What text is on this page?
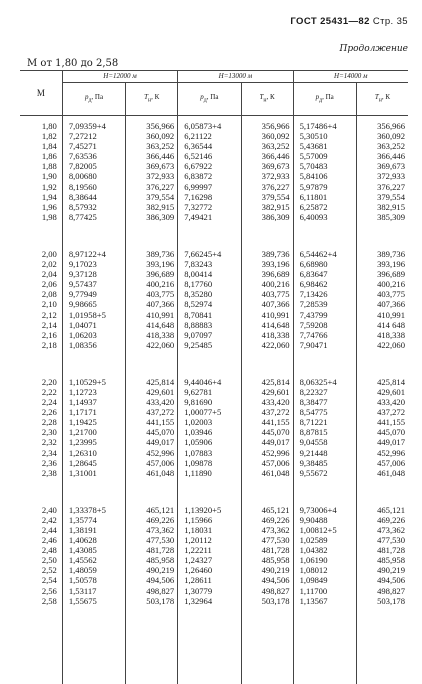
ГОСТ 25431—82 Стр. 35
Продолжение
M от 1,80 до 2,58
M	H=12000 м		H=13000 м		H=14000 м	
	$p_д$, Па	$T_н$, К	$p_д$, Па	$T_н$, К	$p_д$, Па	$T_н$, К

1,80	7,09359+4	356,966	6,05873+4	356,966	5,17486+4	356,966
1,82	7,27212	360,092	6,21122	360,092	5,30510	360,092
1,84	7,45271	363,252	6,36544	363,252	5,43681	363,252
1,86	7,63536	366,446	6,52146	366,446	5,57009	366,446
1,88	7,82005	369,673	6,67922	369,673	5,70483	369,673
1,90	8,00680	372,933	6,83872	372,933	5,84106	372,933
1,92	8,19560	376,227	6,99997	376,227	5,97879	376,227
1,94	8,38644	379,554	7,16298	379,554	6,11801	379,554
1,96	8,57932	382,915	7,32772	382,915	6,25872	382,915
1,98	8,77425	386,309	7,49421	386,309	6,40093	385,309

2,00	8,97122+4	389,736	7,66245+4	389,736	6,54462+4	389,736
2,02	9,17023	393,196	7,83243	393,196	6,68980	393,196
2,04	9,37128	396,689	8,00414	396,689	6,83647	396,689
2,06	9,57437	400,216	8,17760	400,216	6,98462	400,216
2,08	9,77949	403,775	8,35280	403,775	7,13426	403,775
2,10	9,98665	407,366	8,52974	407,366	7,28539	407,366
2,12	1,01958+5	410,991	8,70841	410,991	7,43799	410,991
2,14	1,04071	414,648	8,88883	414,648	7,59208	414 648
2,16	1,06203	418,338	9,07097	418,338	7,74766	418,338
2,18	1,08356	422,060	9,25485	422,060	7,90471	422,060

2,20	1,10529+5	425,814	9,44046+4	425,814	8,06325+4	425,814
2,22	1,12723	429,601	9,62781	429,601	8,22327	429,601
2,24	1,14937	433,420	9,81690	433,420	8,38477	433,420
2,26	1,17171	437,272	1,00077+5	437,272	8,54775	437,272
2,28	1,19425	441,155	1,02003	441,155	8,71221	441,155
2,30	1,21700	445,070	1,03946	445,070	8,87815	445,070
2,32	1,23995	449,017	1,05906	449,017	9,04558	449,017
2,34	1,26310	452,996	1,07883	452,996	9,21448	452,996
2,36	1,28645	457,006	1,09878	457,006	9,38485	457,006
2,38	1,31001	461,048	1,11890	461,048	9,55672	461,048

2,40	1,33378+5	465,121	1,13920+5	465,121	9,73006+4	465,121
2,42	1,35774	469,226	1,15966	469,226	9,90488	469,226
2,44	1,38191	473,362	1,18031	473,362	1,00812+5	473,362
2,46	1,40628	477,530	1,20112	477,530	1,02589	477,530
2,48	1,43085	481,728	1,22211	481,728	1,04382	481,728
2,50	1,45562	485,958	1,24327	485,958	1,06190	485,958
2,52	1,48059	490,219	1,26460	490,219	1,08012	490,219
2,54	1,50578	494,506	1,28611	494,506	1,09849	494,506
2,56	1,53117	498,827	1,30779	498,827	1,11700	498,827
2,58	1,55675	503,178	1,32964	503,178	1,13567	503,178
